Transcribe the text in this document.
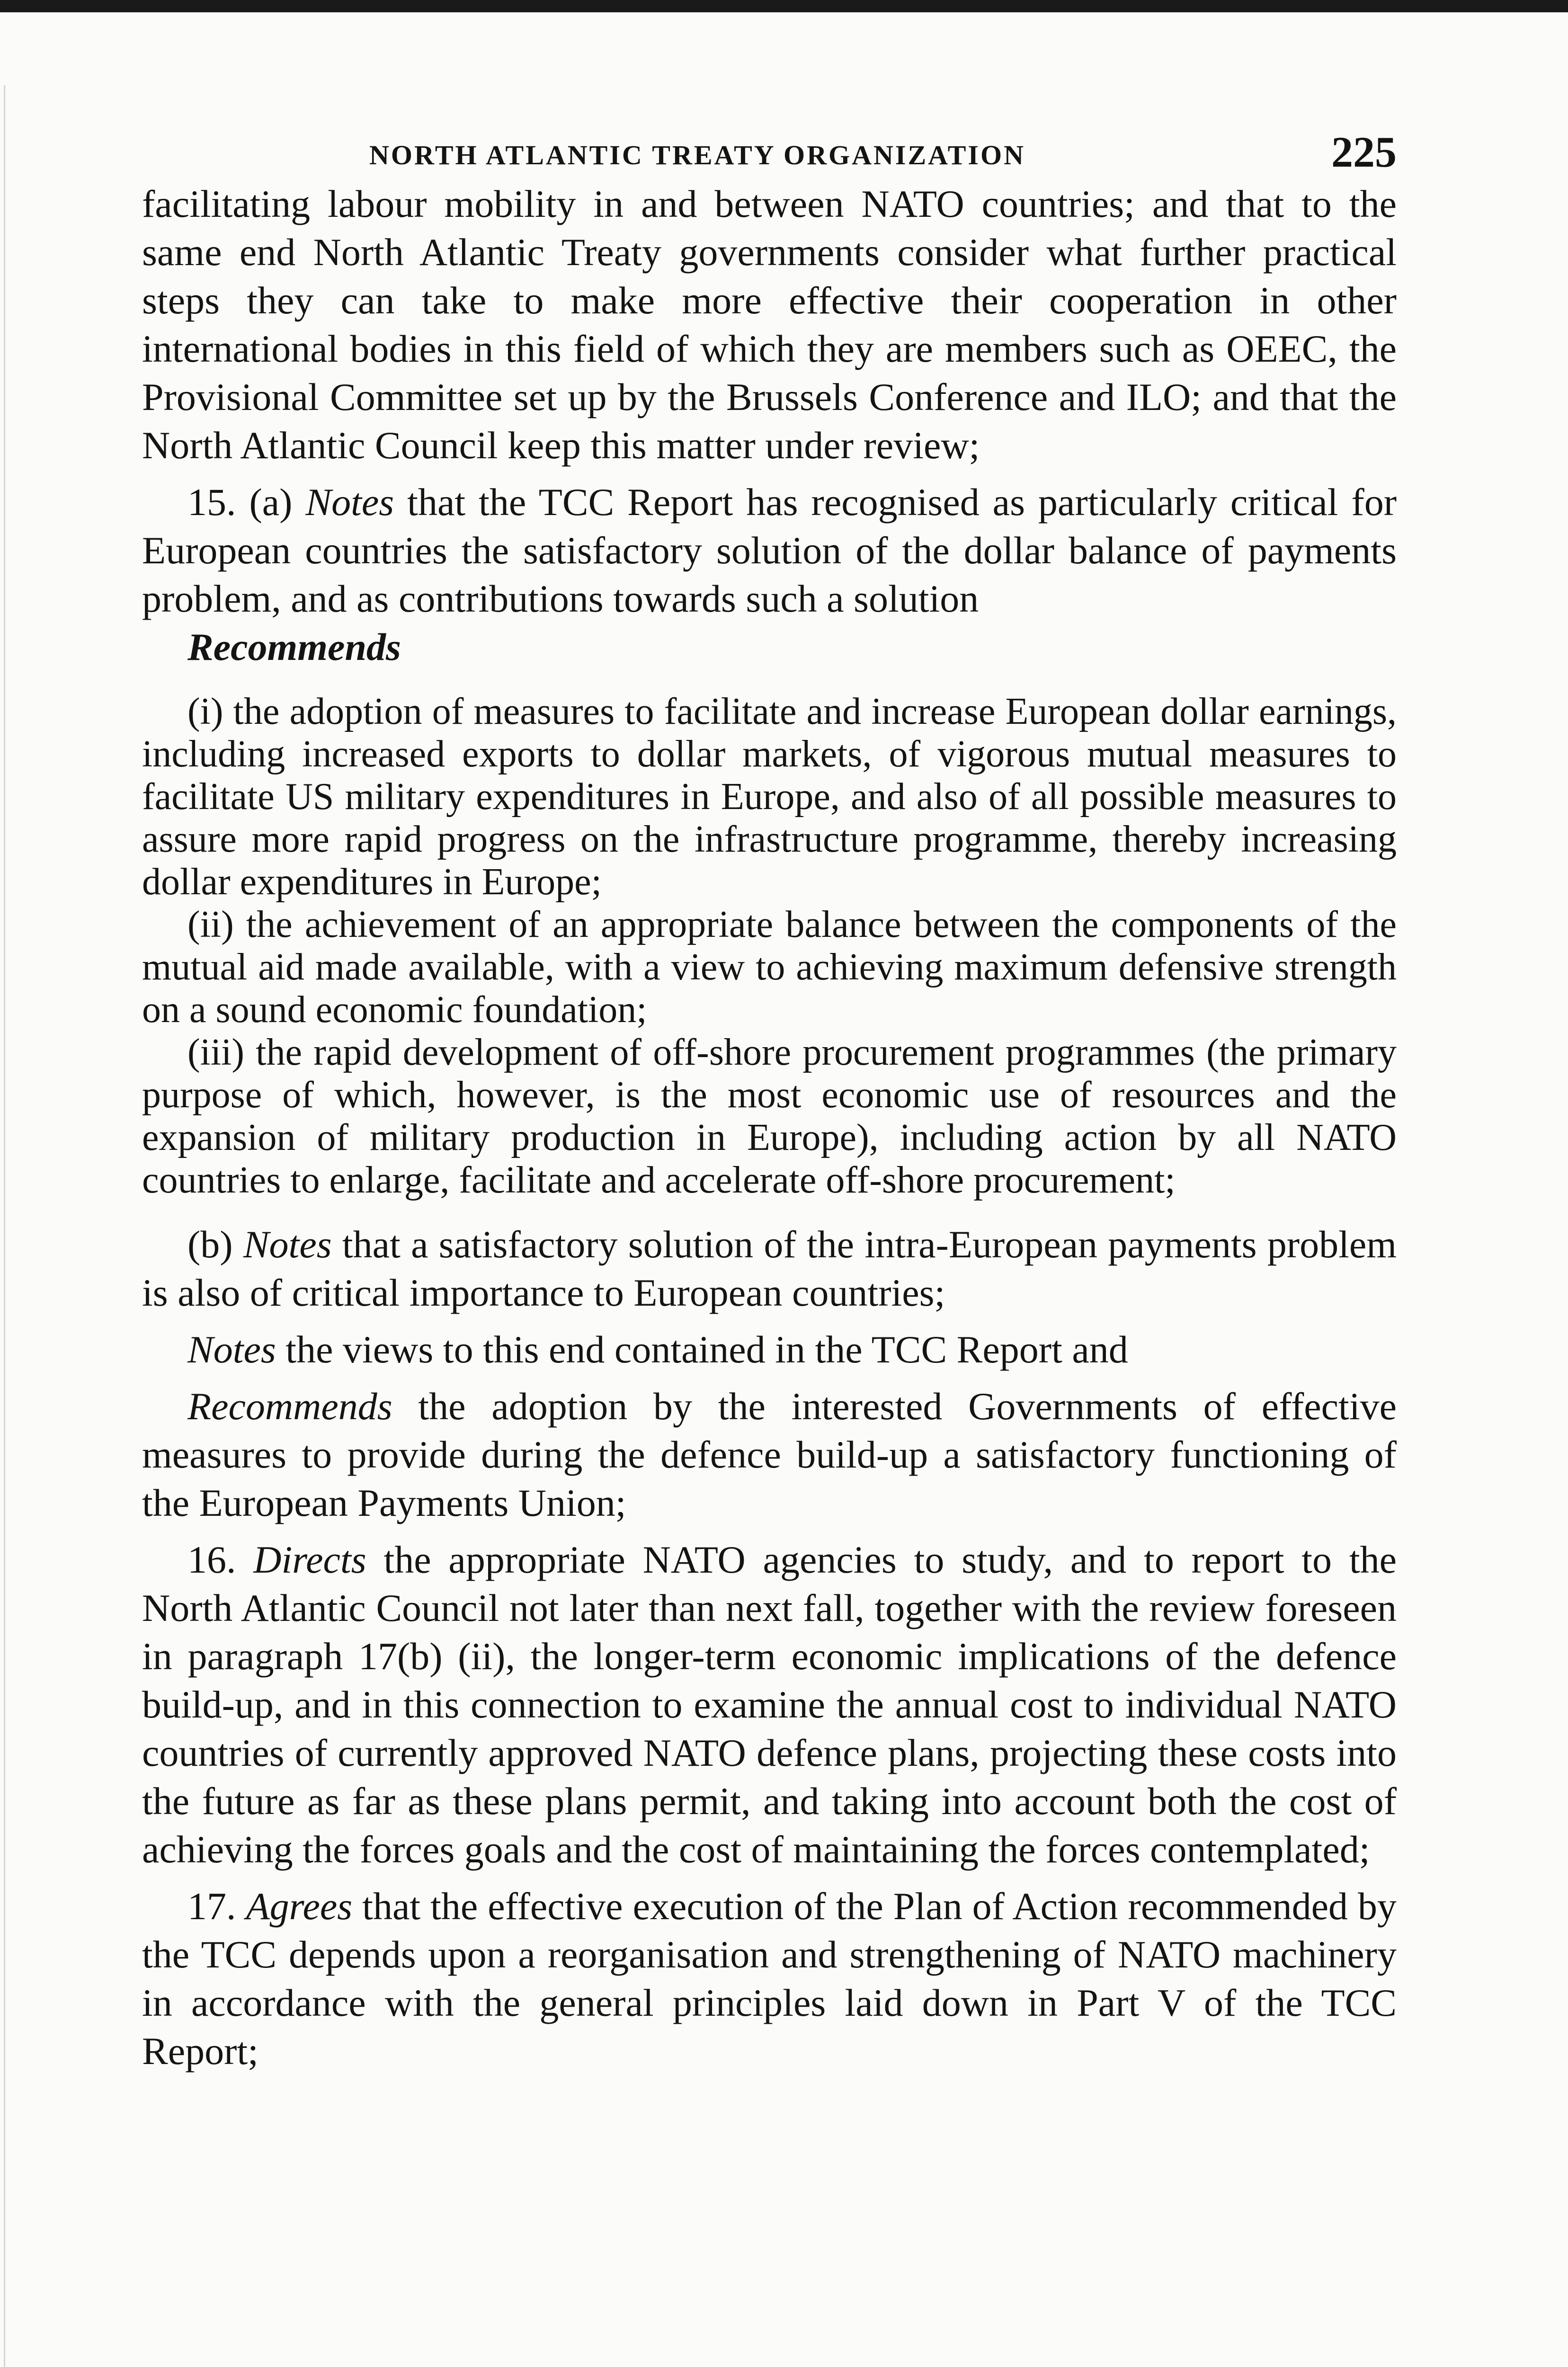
NORTH ATLANTIC TREATY ORGANIZATION	225

facilitating labour mobility in and between NATO countries; and that to the same end North Atlantic Treaty governments consider what further practical steps they can take to make more effective their cooperation in other international bodies in this field of which they are members such as OEEC, the Provisional Committee set up by the Brussels Conference and ILO; and that the North Atlantic Council keep this matter under review;

15. (a) Notes that the TCC Report has recognised as particularly critical for European countries the satisfactory solution of the dollar balance of payments problem, and as contributions towards such a solution

Recommends

(i) the adoption of measures to facilitate and increase European dollar earnings, including increased exports to dollar markets, of vigorous mutual measures to facilitate US military expenditures in Europe, and also of all possible measures to assure more rapid progress on the infrastructure programme, thereby increasing dollar expenditures in Europe;

(ii) the achievement of an appropriate balance between the components of the mutual aid made available, with a view to achieving maximum defensive strength on a sound economic foundation;

(iii) the rapid development of off-shore procurement programmes (the primary purpose of which, however, is the most economic use of resources and the expansion of military production in Europe), including action by all NATO countries to enlarge, facilitate and accelerate off-shore procurement;

(b) Notes that a satisfactory solution of the intra-European payments problem is also of critical importance to European countries;

Notes the views to this end contained in the TCC Report and

Recommends the adoption by the interested Governments of effective measures to provide during the defence build-up a satisfactory functioning of the European Payments Union;

16. Directs the appropriate NATO agencies to study, and to report to the North Atlantic Council not later than next fall, together with the review foreseen in paragraph 17(b) (ii), the longer-term economic implications of the defence build-up, and in this connection to examine the annual cost to individual NATO countries of currently approved NATO defence plans, projecting these costs into the future as far as these plans permit, and taking into account both the cost of achieving the forces goals and the cost of maintaining the forces contemplated;

17. Agrees that the effective execution of the Plan of Action recommended by the TCC depends upon a reorganisation and strengthening of NATO machinery in accordance with the general principles laid down in Part V of the TCC Report;
